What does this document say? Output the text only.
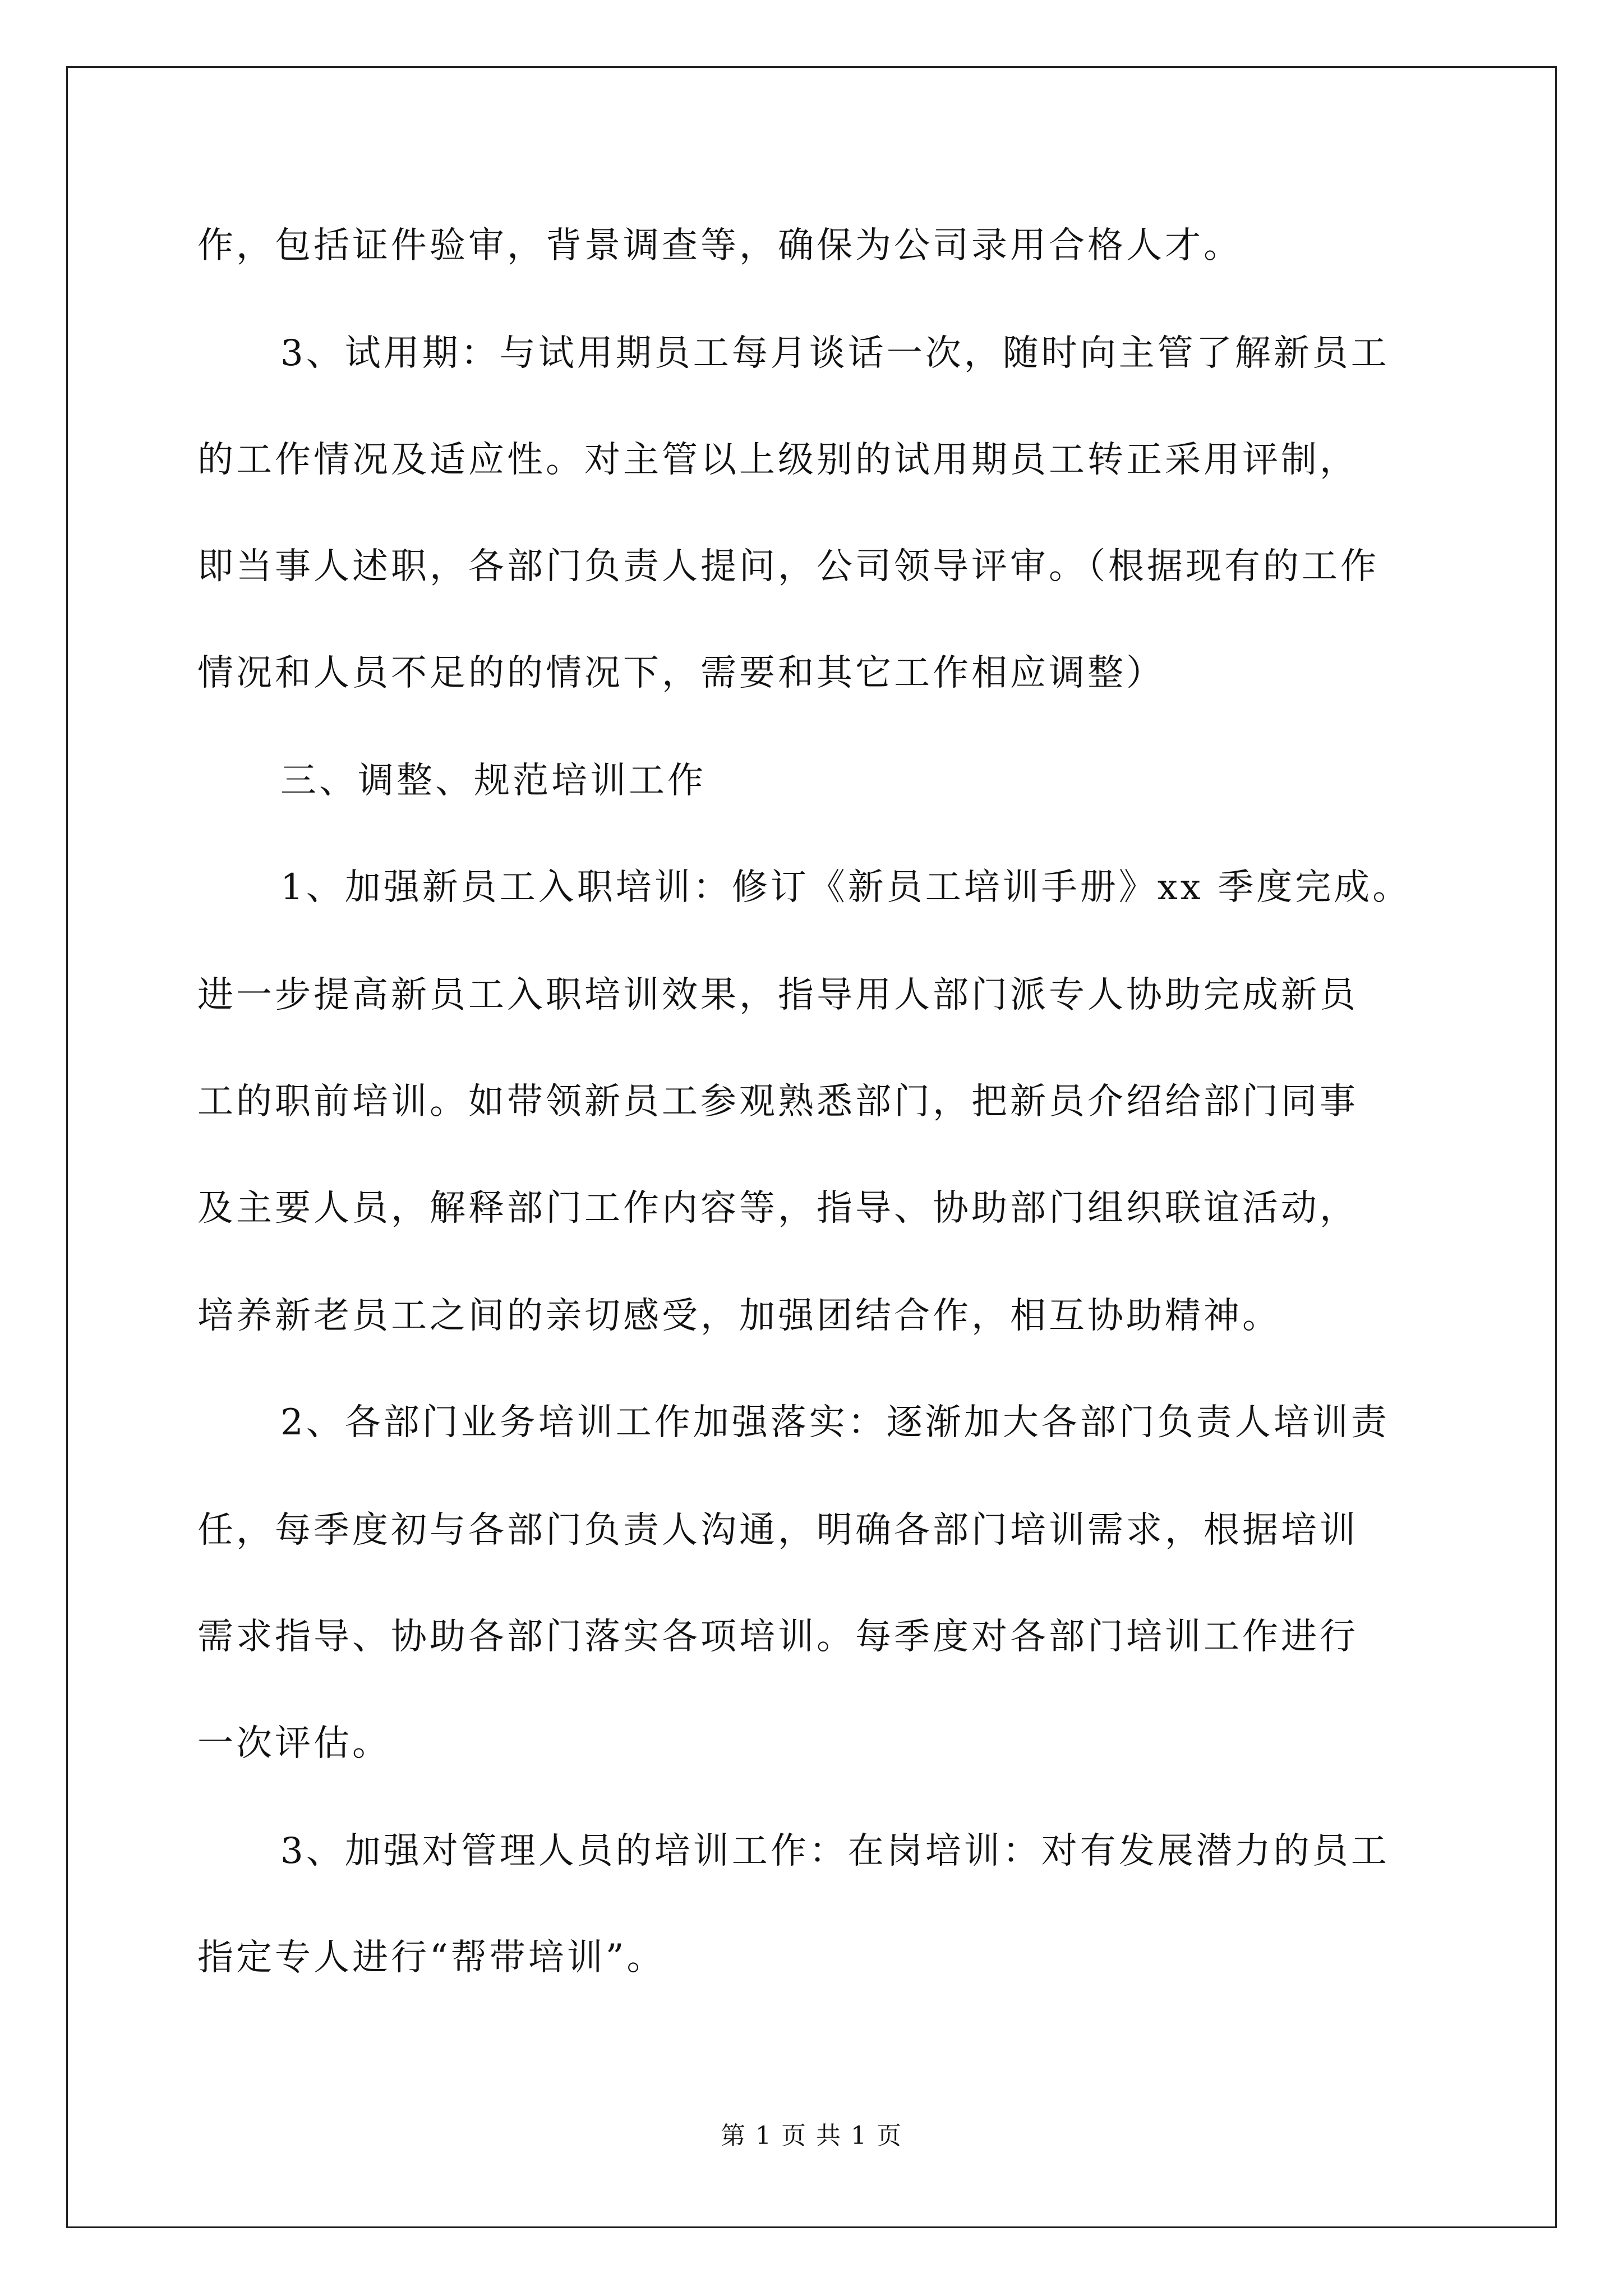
作，包括证件验审，背景调查等，确保为公司录用合格人才。
3、试用期：与试用期员工每月谈话一次，随时向主管了解新员工
的工作情况及适应性。对主管以上级别的试用期员工转正采用评制，
即当事人述职，各部门负责人提问，公司领导评审。（根据现有的工作
情况和人员不足的的情况下，需要和其它工作相应调整）
三、调整、规范培训工作
1、加强新员工入职培训：修订《新员工培训手册》xx 季度完成。
进一步提高新员工入职培训效果，指导用人部门派专人协助完成新员
工的职前培训。如带领新员工参观熟悉部门，把新员介绍给部门同事
及主要人员，解释部门工作内容等，指导、协助部门组织联谊活动，
培养新老员工之间的亲切感受，加强团结合作，相互协助精神。
2、各部门业务培训工作加强落实：逐渐加大各部门负责人培训责
任，每季度初与各部门负责人沟通，明确各部门培训需求，根据培训
需求指导、协助各部门落实各项培训。每季度对各部门培训工作进行
一次评估。
3、加强对管理人员的培训工作：在岗培训：对有发展潜力的员工
指定专人进行“帮带培训”。
第 1 页 共 1 页
